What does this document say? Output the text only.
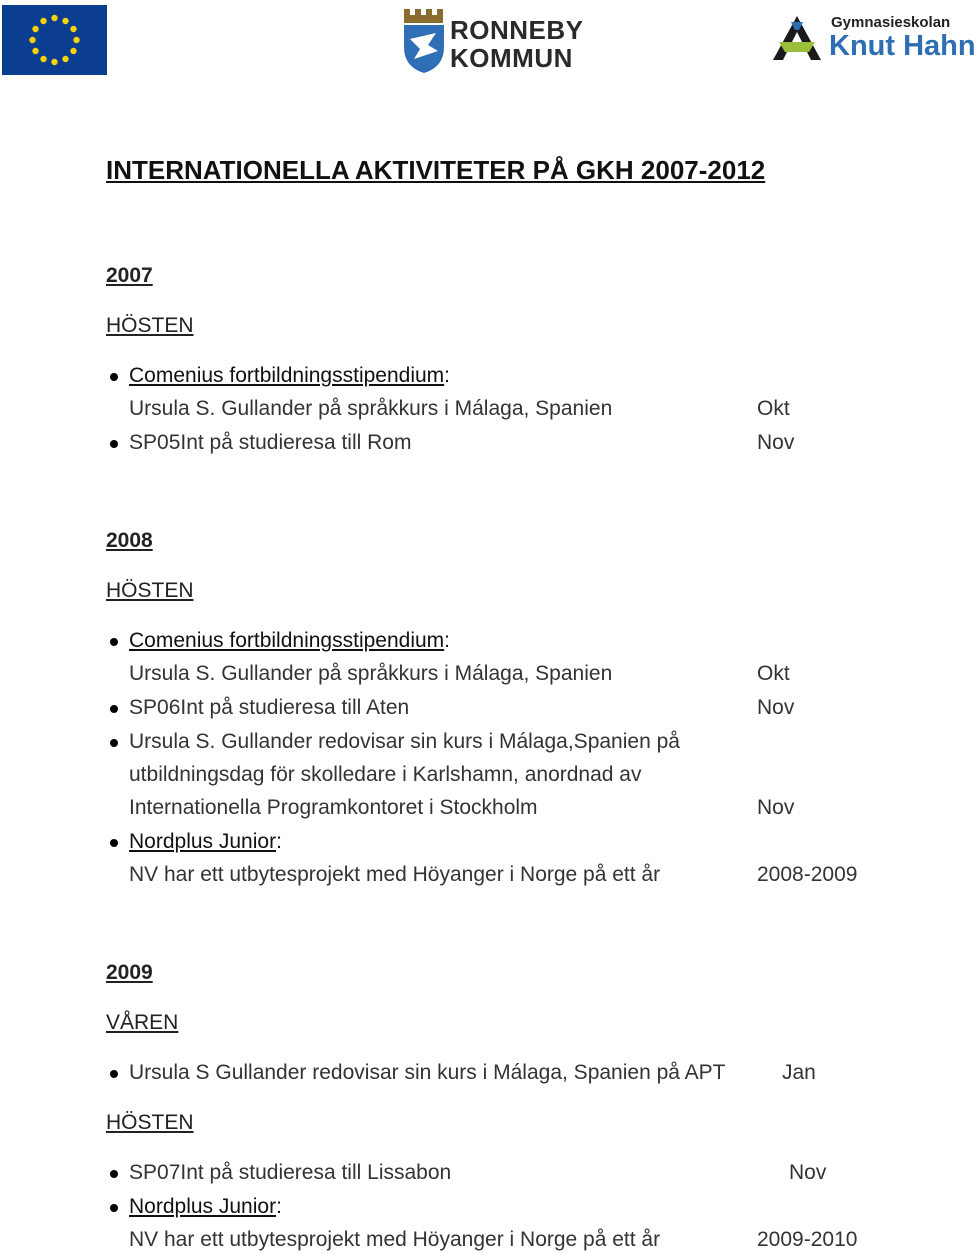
RONNEBY
KOMMUN
Gymnasieskolan
Knut Hahn
INTERNATIONELLA AKTIVITETER PÅ GKH 2007-2012
2007
HÖSTEN
Comenius fortbildningsstipendium:
Ursula S. Gullander på språkkurs i Málaga, Spanien	Okt
SP05Int på studieresa till Rom	Nov
2008
HÖSTEN
Comenius fortbildningsstipendium:
Ursula S. Gullander på språkkurs i Málaga, Spanien	Okt
SP06Int på studieresa till Aten	Nov
Ursula S. Gullander redovisar sin kurs i Málaga,Spanien på
utbildningsdag för skolledare i Karlshamn, anordnad av
Internationella Programkontoret i Stockholm	Nov
Nordplus Junior:
NV har ett utbytesprojekt med Höyanger i Norge på ett år	2008-2009
2009
VÅREN
Ursula S Gullander redovisar sin kurs i Málaga, Spanien på APT	Jan
HÖSTEN
SP07Int på studieresa till Lissabon	Nov
Nordplus Junior:
NV har ett utbytesprojekt med Höyanger i Norge på ett år	2009-2010
